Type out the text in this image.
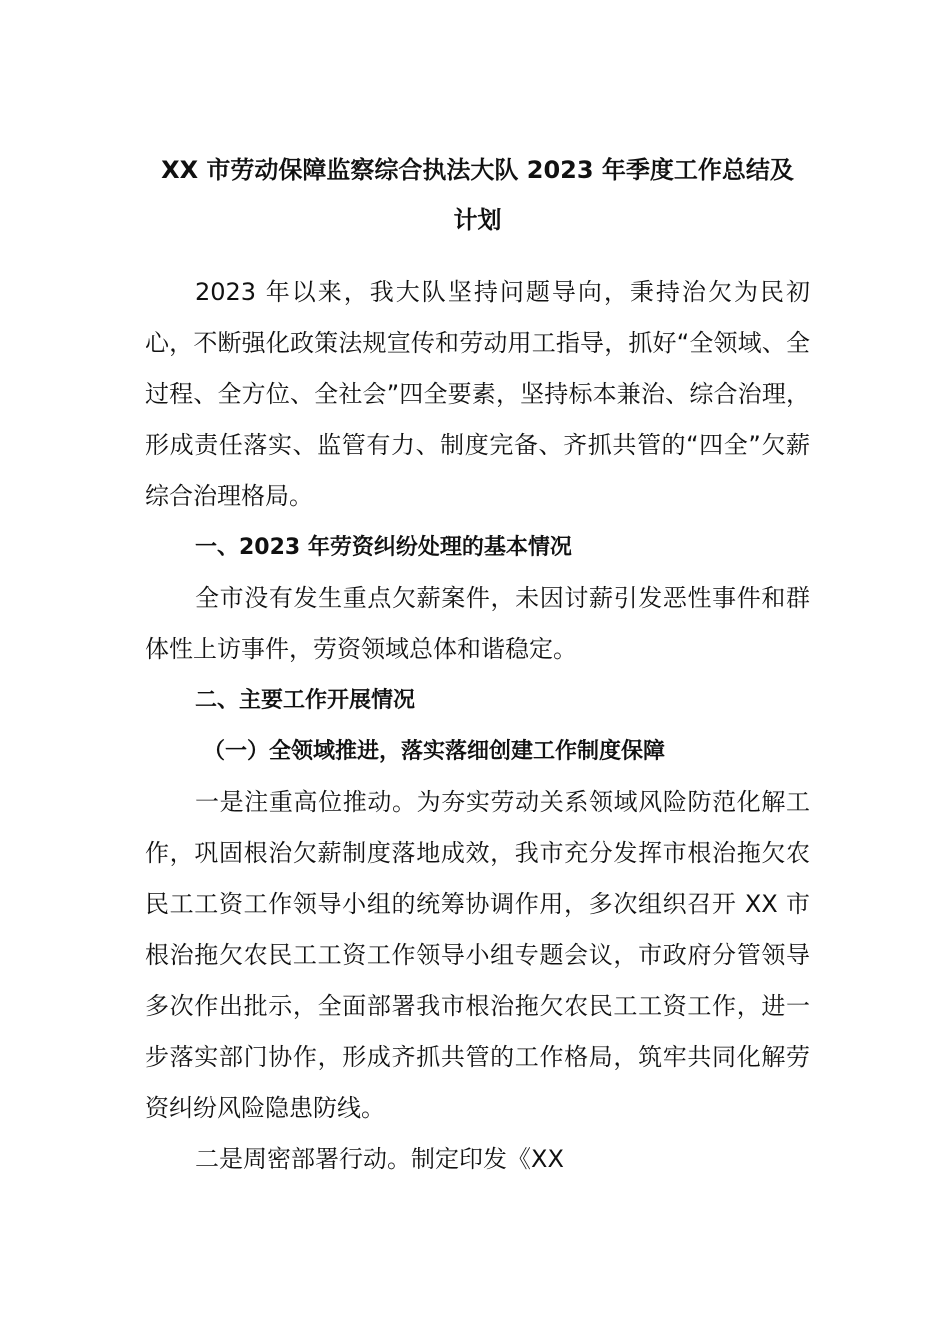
XX 市劳动保障监察综合执法大队 2023 年季度工作总结及
计划

2023 年以来，我大队坚持问题导向，秉持治欠为民初心，不断强化政策法规宣传和劳动用工指导，抓好“全领域、全过程、全方位、全社会”四全要素，坚持标本兼治、综合治理，形成责任落实、监管有力、制度完备、齐抓共管的“四全”欠薪综合治理格局。

一、2023 年劳资纠纷处理的基本情况

全市没有发生重点欠薪案件，未因讨薪引发恶性事件和群体性上访事件，劳资领域总体和谐稳定。

二、主要工作开展情况

（一）全领域推进，落实落细创建工作制度保障

一是注重高位推动。为夯实劳动关系领域风险防范化解工作，巩固根治欠薪制度落地成效，我市充分发挥市根治拖欠农民工工资工作领导小组的统筹协调作用，多次组织召开 XX 市根治拖欠农民工工资工作领导小组专题会议，市政府分管领导多次作出批示，全面部署我市根治拖欠农民工工资工作，进一步落实部门协作，形成齐抓共管的工作格局，筑牢共同化解劳资纠纷风险隐患防线。

二是周密部署行动。制定印发《XX
